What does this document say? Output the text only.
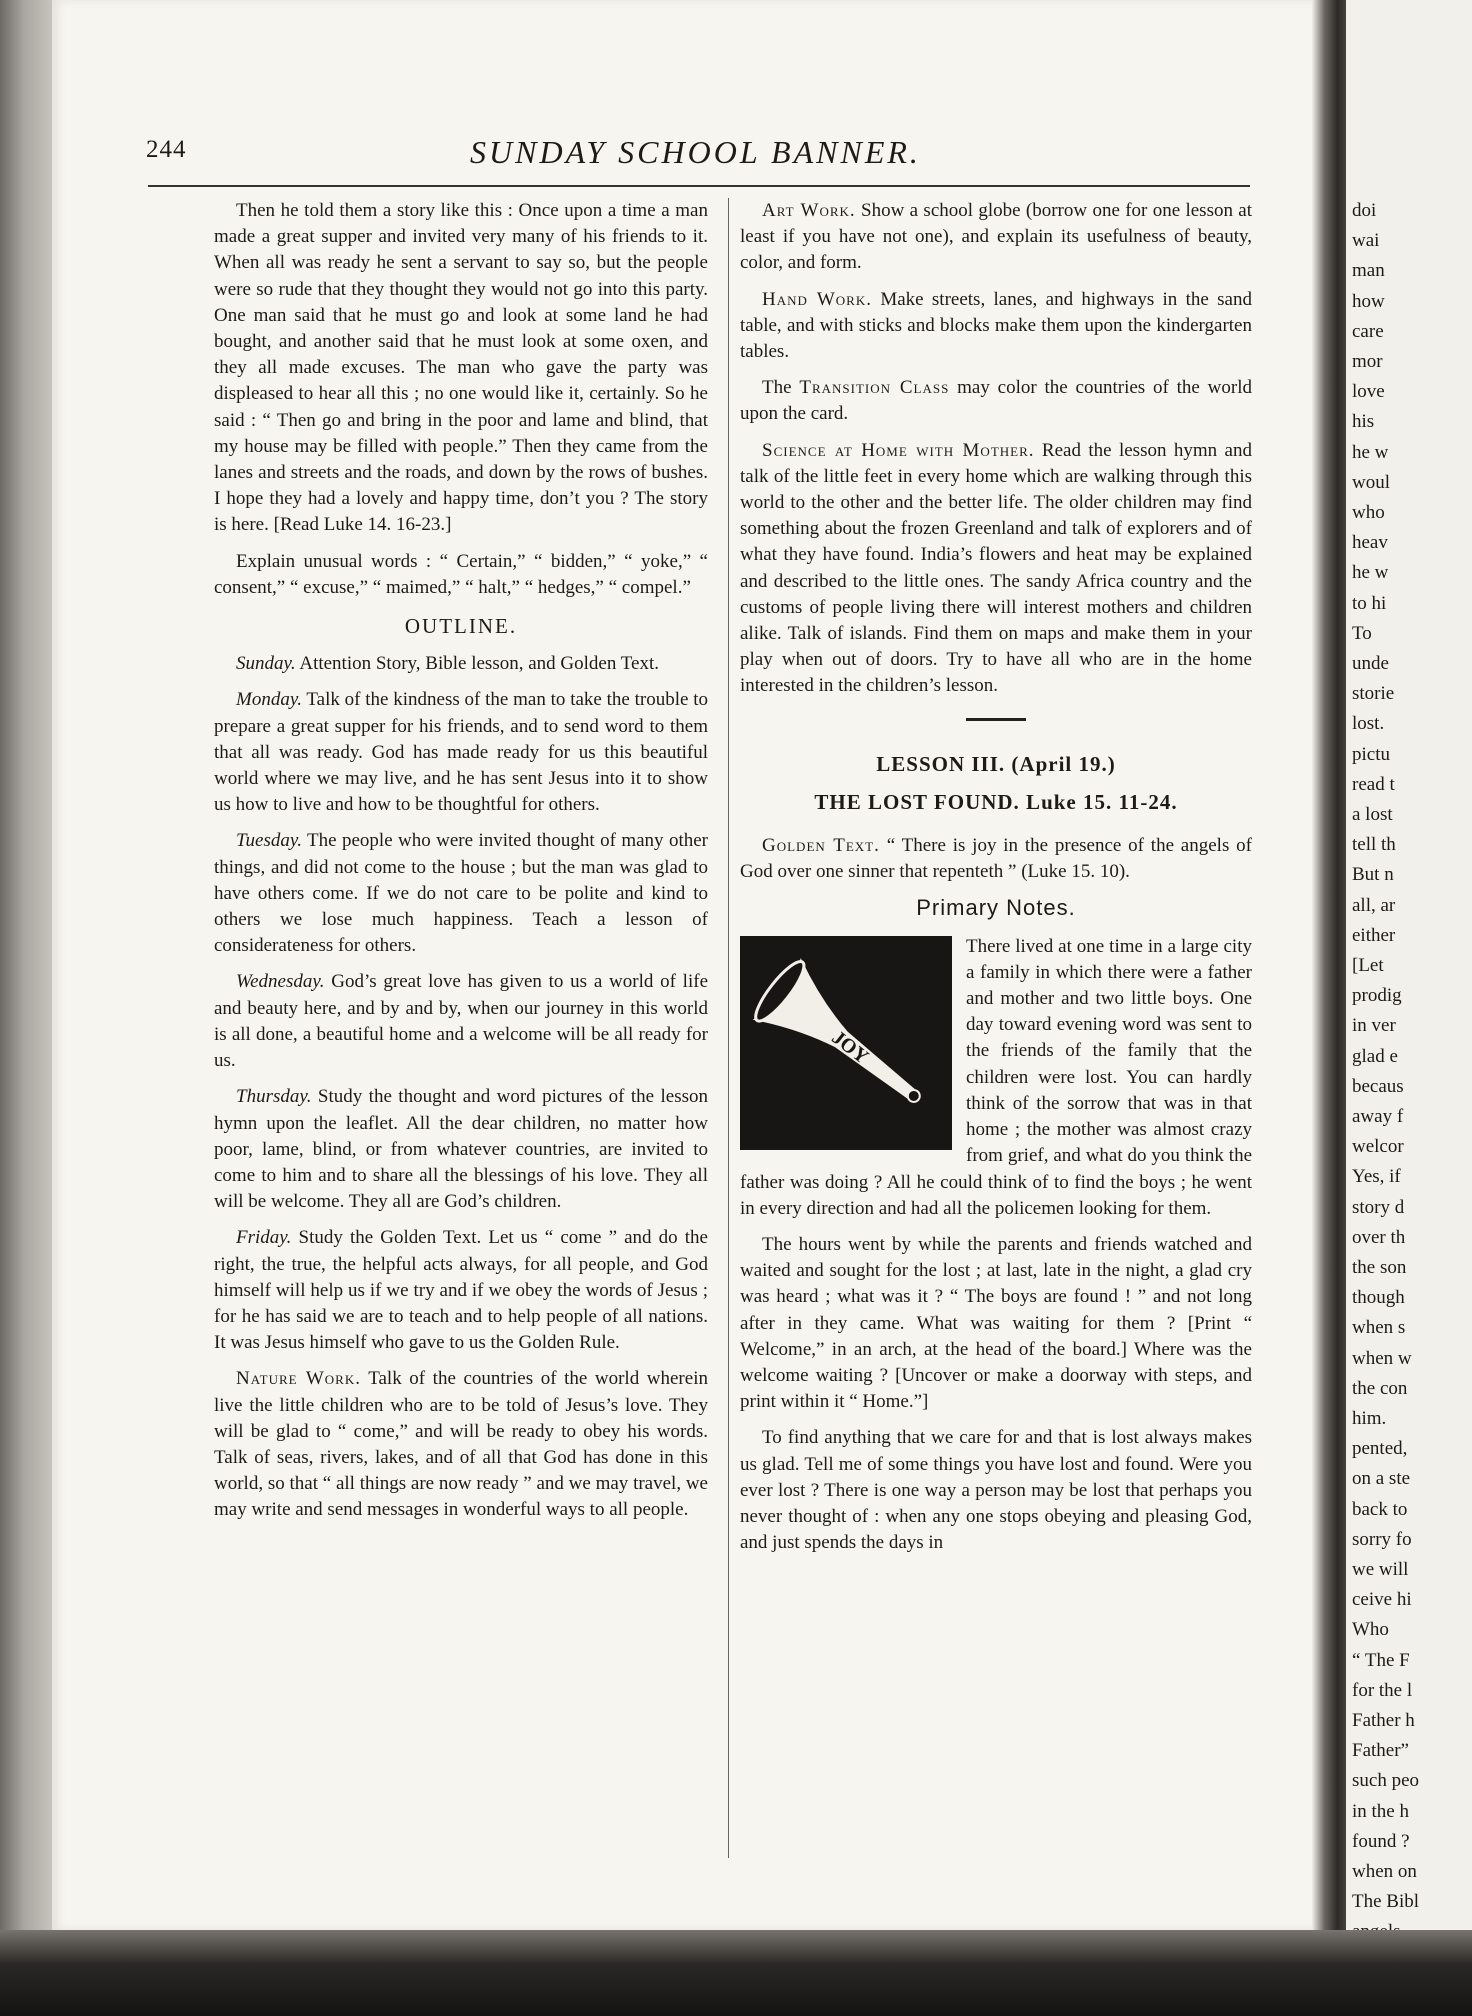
doi
wai
man
how
care
mor
love
his
he w
woul
who
heav
he w
to hi
To
unde
storie
lost.
pictu
read t
a lost
tell th
But n
all, ar
either
[Let
prodig
in ver
glad e
becaus
away f
welcor
Yes, if
story d
over th
the son
though
when s
when w
the con
him.
pented,
on a ste
back to
sorry fo
we will
ceive hi
Who
“ The F
for the l
Father h
Father”
such peo
in the h
found ?
when on
The Bibl
244	SUNDAY SCHOOL BANNER.

Then he told them a story like this : Once upon a time a man made a great supper and invited very many of his friends to it. When all was ready he sent a servant to say so, but the people were so rude that they thought they would not go into this party. One man said that he must go and look at some land he had bought, and another said that he must look at some oxen, and they all made excuses. The man who gave the party was displeased to hear all this ; no one would like it, certainly. So he said : “ Then go and bring in the poor and lame and blind, that my house may be filled with people.” Then they came from the lanes and streets and the roads, and down by the rows of bushes. I hope they had a lovely and happy time, don’t you ? The story is here. [Read Luke 14. 16-23.]

Explain unusual words : “ Certain,” “ bidden,” “ yoke,” “ consent,” “ excuse,” “ maimed,” “ halt,” “ hedges,” “ compel.”

OUTLINE.

Sunday. Attention Story, Bible lesson, and Golden Text.

Monday. Talk of the kindness of the man to take the trouble to prepare a great supper for his friends, and to send word to them that all was ready. God has made ready for us this beautiful world where we may live, and he has sent Jesus into it to show us how to live and how to be thoughtful for others.

Tuesday. The people who were invited thought of many other things, and did not come to the house ; but the man was glad to have others come. If we do not care to be polite and kind to others we lose much happiness. Teach a lesson of considerateness for others.

Wednesday. God’s great love has given to us a world of life and beauty here, and by and by, when our journey in this world is all done, a beautiful home and a welcome will be all ready for us.

Thursday. Study the thought and word pictures of the lesson hymn upon the leaflet. All the dear children, no matter how poor, lame, blind, or from whatever countries, are invited to come to him and to share all the blessings of his love. They all will be welcome. They all are God’s children.

Friday. Study the Golden Text. Let us “ come ” and do the right, the true, the helpful acts always, for all people, and God himself will help us if we try and if we obey the words of Jesus ; for he has said we are to teach and to help people of all nations. It was Jesus himself who gave to us the Golden Rule.

Nature Work. Talk of the countries of the world wherein live the little children who are to be told of Jesus’s love. They will be glad to “ come,” and will be ready to obey his words. Talk of seas, rivers, lakes, and of all that God has done in this world, so that “ all things are now ready ” and we may travel, we may write and send messages in wonderful ways to all people.

Art Work. Show a school globe (borrow one for one lesson at least if you have not one), and explain its usefulness of beauty, color, and form.

Hand Work. Make streets, lanes, and highways in the sand table, and with sticks and blocks make them upon the kindergarten tables.

The Transition Class may color the countries of the world upon the card.

Science at Home with Mother. Read the lesson hymn and talk of the little feet in every home which are walking through this world to the other and the better life. The older children may find something about the frozen Greenland and talk of explorers and of what they have found. India’s flowers and heat may be explained and described to the little ones. The sandy Africa country and the customs of people living there will interest mothers and children alike. Talk of islands. Find them on maps and make them in your play when out of doors. Try to have all who are in the home interested in the children’s lesson.

LESSON III. (April 19.)
THE LOST FOUND. Luke 15. 11-24.

Golden Text. “ There is joy in the presence of the angels of God over one sinner that repenteth ” (Luke 15. 10).

Primary Notes.
JOY

There lived at one time in a large city a family in which there were a father and mother and two little boys. One day toward evening word was sent to the friends of the family that the children were lost. You can hardly think of the sorrow that was in that home ; the mother was almost crazy from grief, and what do you think the father was doing ? All he could think of to find the boys ; he went in every direction and had all the policemen looking for them.

The hours went by while the parents and friends watched and waited and sought for the lost ; at last, late in the night, a glad cry was heard ; what was it ? “ The boys are found ! ” and not long after in they came. What was waiting for them ? [Print “ Welcome,” in an arch, at the head of the board.] Where was the welcome waiting ? [Uncover or make a doorway with steps, and print within it “ Home.”]

To find anything that we care for and that is lost always makes us glad. Tell me of some things you have lost and found. Were you ever lost ? There is one way a person may be lost that perhaps you never thought of : when any one stops obeying and pleasing God, and just spends the days in
